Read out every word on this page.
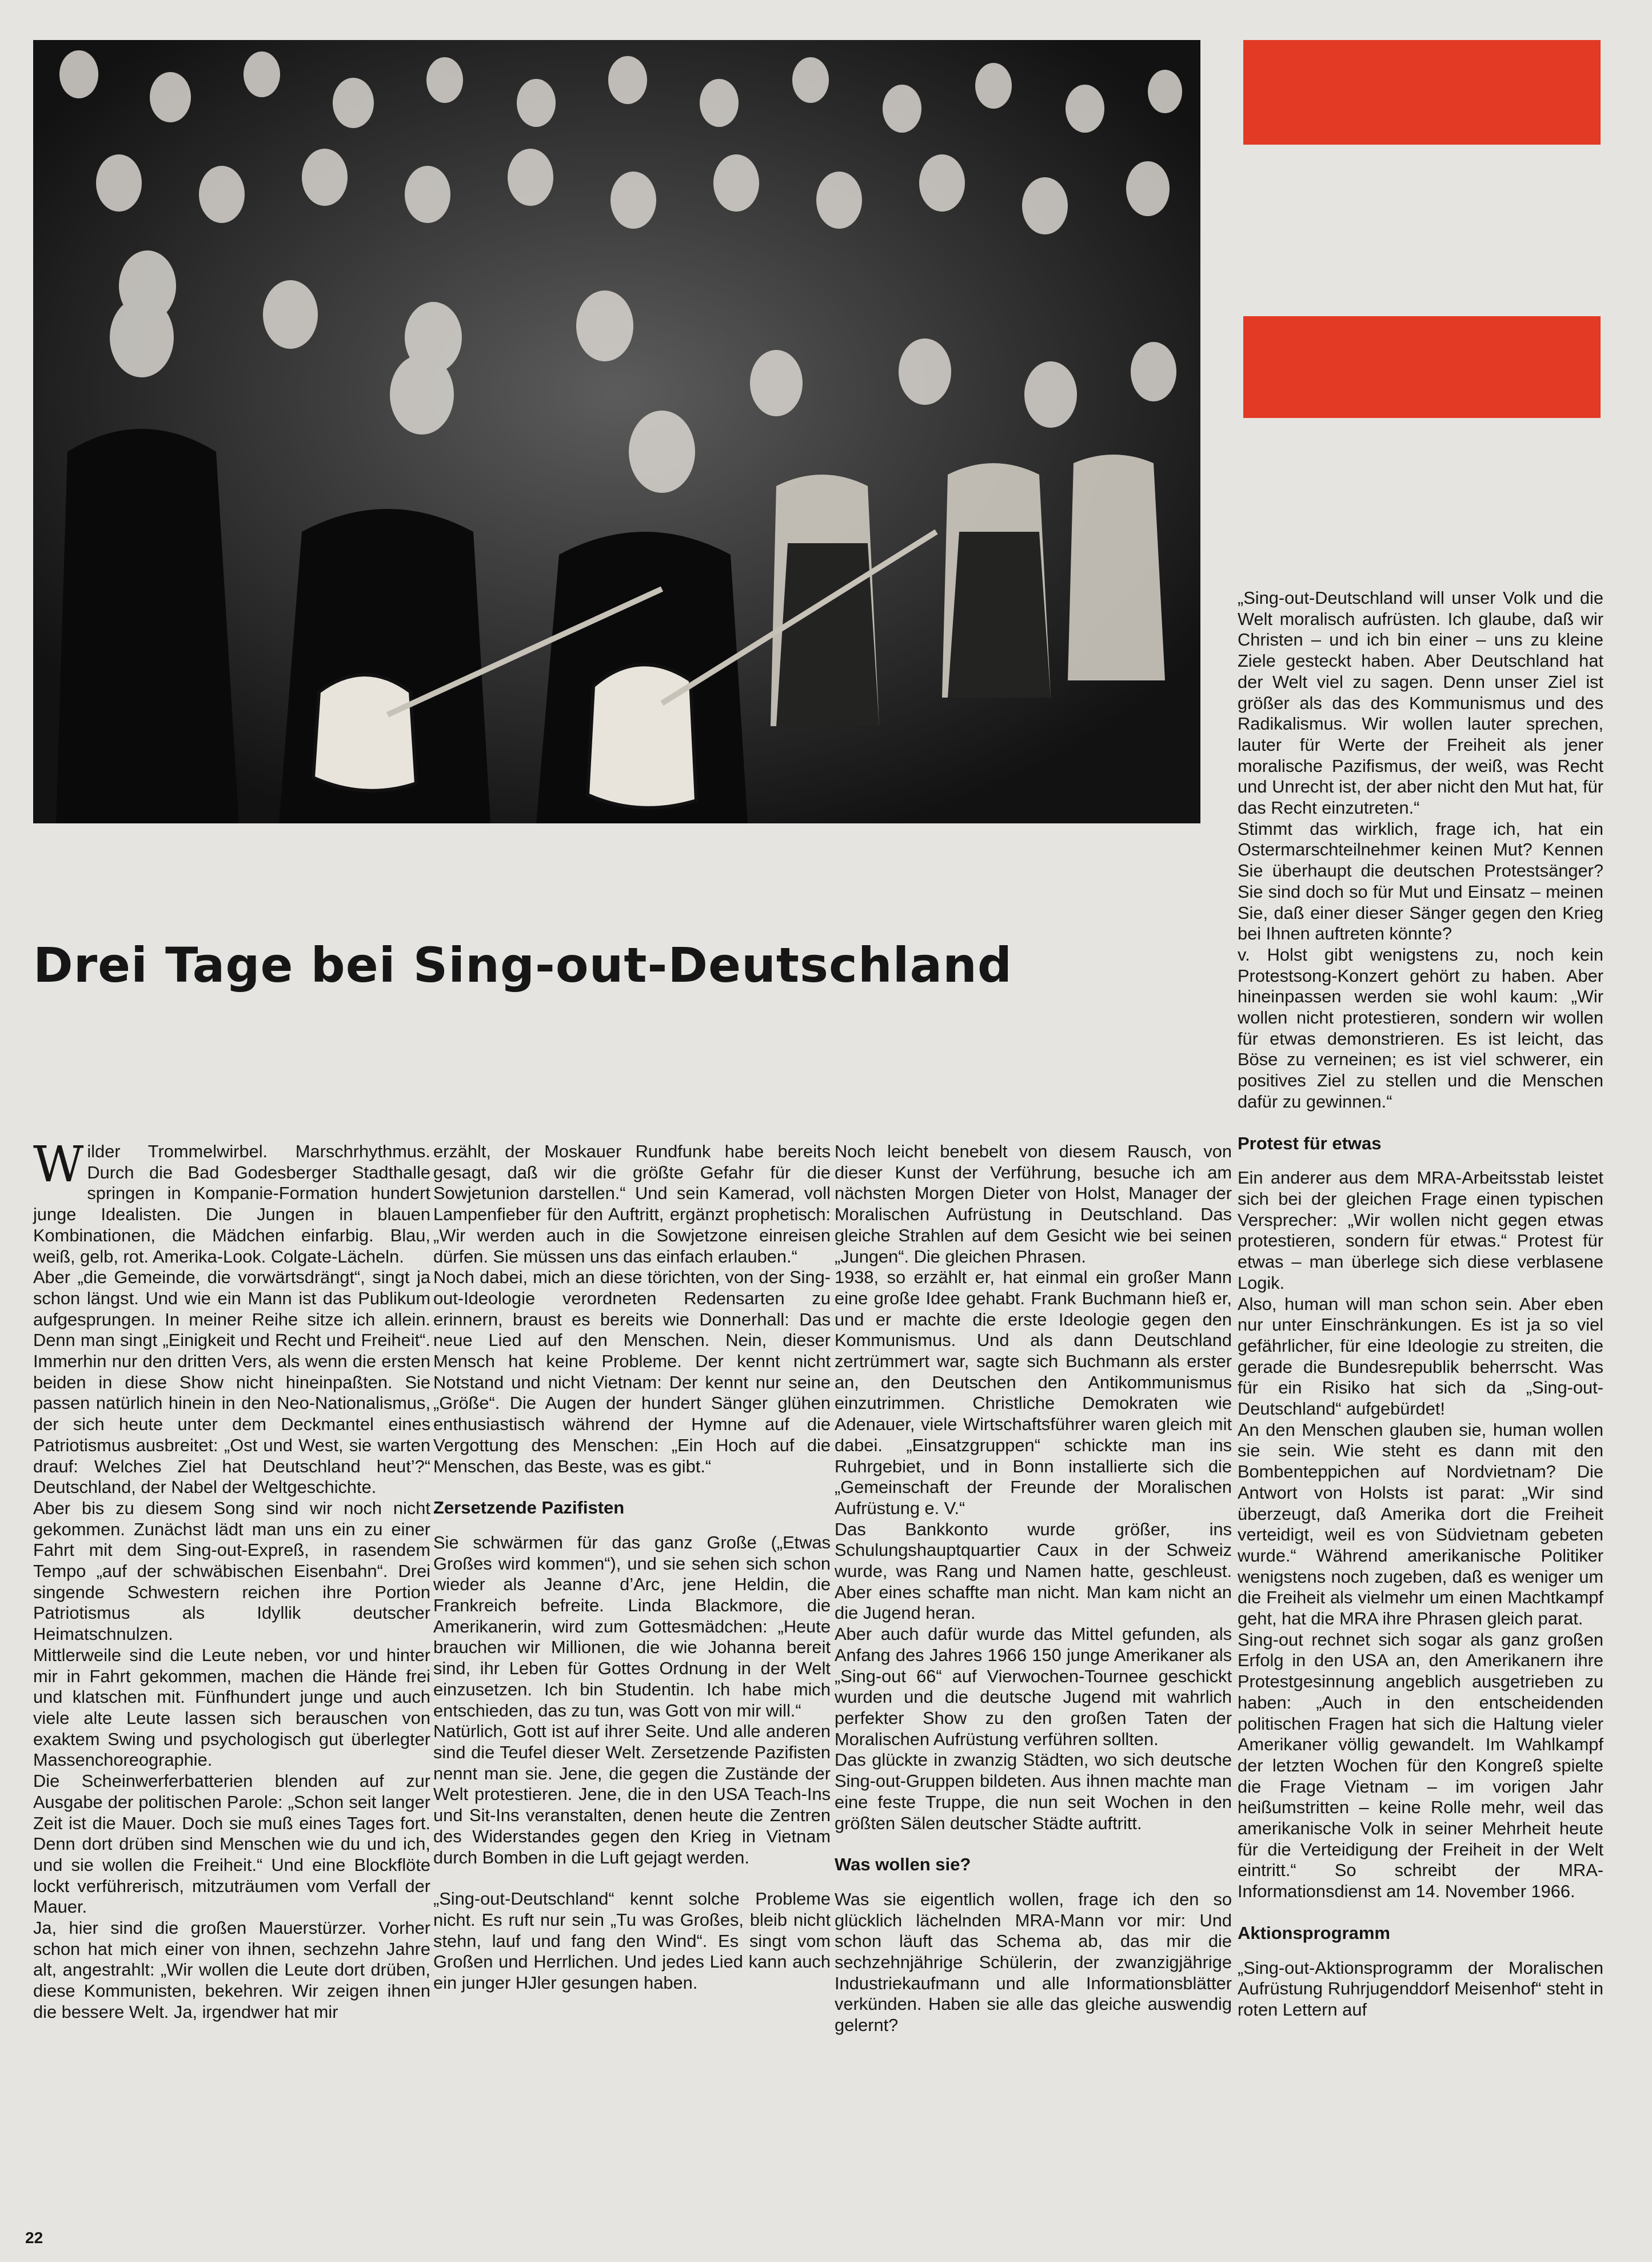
Drei Tage bei Sing-out-Deutschland

Wilder Trommelwirbel. Marschrhythmus. Durch die Bad Godesberger Stadthalle springen in Kompanie-Formation hundert junge Idealisten. Die Jungen in blauen Kombinationen, die Mädchen einfarbig. Blau, weiß, gelb, rot. Amerika-Look. Colgate-Lächeln.

Aber „die Gemeinde, die vorwärtsdrängt“, singt ja schon längst. Und wie ein Mann ist das Publikum aufgesprungen. In meiner Reihe sitze ich allein. Denn man singt „Einigkeit und Recht und Freiheit“. Immerhin nur den dritten Vers, als wenn die ersten beiden in diese Show nicht hineinpaßten. Sie passen natürlich hinein in den Neo-Nationalismus, der sich heute unter dem Deckmantel eines Patriotismus ausbreitet: „Ost und West, sie warten drauf: Welches Ziel hat Deutschland heut’?“ Deutschland, der Nabel der Weltgeschichte.

Aber bis zu diesem Song sind wir noch nicht gekommen. Zunächst lädt man uns ein zu einer Fahrt mit dem Sing-out-Expreß, in rasendem Tempo „auf der schwäbischen Eisenbahn“. Drei singende Schwestern reichen ihre Portion Patriotismus als Idyllik deutscher Heimatschnulzen.

Mittlerweile sind die Leute neben, vor und hinter mir in Fahrt gekommen, machen die Hände frei und klatschen mit. Fünfhundert junge und auch viele alte Leute lassen sich berauschen von exaktem Swing und psychologisch gut überlegter Massenchoreographie.

Die Scheinwerferbatterien blenden auf zur Ausgabe der politischen Parole: „Schon seit langer Zeit ist die Mauer. Doch sie muß eines Tages fort. Denn dort drüben sind Menschen wie du und ich, und sie wollen die Freiheit.“ Und eine Blockflöte lockt verführerisch, mitzuträumen vom Verfall der Mauer.

Ja, hier sind die großen Mauerstürzer. Vorher schon hat mich einer von ihnen, sechzehn Jahre alt, angestrahlt: „Wir wollen die Leute dort drüben, diese Kommunisten, bekehren. Wir zeigen ihnen die bessere Welt. Ja, irgendwer hat mir

erzählt, der Moskauer Rundfunk habe bereits gesagt, daß wir die größte Gefahr für die Sowjetunion darstellen.“ Und sein Kamerad, voll Lampenfieber für den Auftritt, ergänzt prophetisch: „Wir werden auch in die Sowjetzone einreisen dürfen. Sie müssen uns das einfach erlauben.“

Noch dabei, mich an diese törichten, von der Sing-out-Ideologie verordneten Redensarten zu erinnern, braust es bereits wie Donnerhall: Das neue Lied auf den Menschen. Nein, dieser Mensch hat keine Probleme. Der kennt nicht Notstand und nicht Vietnam: Der kennt nur seine „Größe“. Die Augen der hundert Sänger glühen enthusiastisch während der Hymne auf die Vergottung des Menschen: „Ein Hoch auf die Menschen, das Beste, was es gibt.“

Zersetzende Pazifisten

Sie schwärmen für das ganz Große („Etwas Großes wird kommen“), und sie sehen sich schon wieder als Jeanne d’Arc, jene Heldin, die Frankreich befreite. Linda Blackmore, die Amerikanerin, wird zum Gottesmädchen: „Heute brauchen wir Millionen, die wie Johanna bereit sind, ihr Leben für Gottes Ordnung in der Welt einzusetzen. Ich bin Studentin. Ich habe mich entschieden, das zu tun, was Gott von mir will.“

Natürlich, Gott ist auf ihrer Seite. Und alle anderen sind die Teufel dieser Welt. Zersetzende Pazifisten nennt man sie. Jene, die gegen die Zustände der Welt protestieren. Jene, die in den USA Teach-Ins und Sit-Ins veranstalten, denen heute die Zentren des Widerstandes gegen den Krieg in Vietnam durch Bomben in die Luft gejagt werden.

„Sing-out-Deutschland“ kennt solche Probleme nicht. Es ruft nur sein „Tu was Großes, bleib nicht stehn, lauf und fang den Wind“. Es singt vom Großen und Herrlichen. Und jedes Lied kann auch ein junger HJler gesungen haben.

Noch leicht benebelt von diesem Rausch, von dieser Kunst der Verführung, besuche ich am nächsten Morgen Dieter von Holst, Manager der Moralischen Aufrüstung in Deutschland. Das gleiche Strahlen auf dem Gesicht wie bei seinen „Jungen“. Die gleichen Phrasen.

1938, so erzählt er, hat einmal ein großer Mann eine große Idee gehabt. Frank Buchmann hieß er, und er machte die erste Ideologie gegen den Kommunismus. Und als dann Deutschland zertrümmert war, sagte sich Buchmann als erster an, den Deutschen den Antikommunismus einzutrimmen. Christliche Demokraten wie Adenauer, viele Wirtschaftsführer waren gleich mit dabei. „Einsatzgruppen“ schickte man ins Ruhrgebiet, und in Bonn installierte sich die „Gemeinschaft der Freunde der Moralischen Aufrüstung e. V.“

Das Bankkonto wurde größer, ins Schulungshauptquartier Caux in der Schweiz wurde, was Rang und Namen hatte, geschleust. Aber eines schaffte man nicht. Man kam nicht an die Jugend heran.

Aber auch dafür wurde das Mittel gefunden, als Anfang des Jahres 1966 150 junge Amerikaner als „Sing-out 66“ auf Vierwochen-Tournee geschickt wurden und die deutsche Jugend mit wahrlich perfekter Show zu den großen Taten der Moralischen Aufrüstung verführen sollten.

Das glückte in zwanzig Städten, wo sich deutsche Sing-out-Gruppen bildeten. Aus ihnen machte man eine feste Truppe, die nun seit Wochen in den größten Sälen deutscher Städte auftritt.

Was wollen sie?

Was sie eigentlich wollen, frage ich den so glücklich lächelnden MRA-Mann vor mir: Und schon läuft das Schema ab, das mir die sechzehnjährige Schülerin, der zwanzigjährige Industriekaufmann und alle Informationsblätter verkünden. Haben sie alle das gleiche auswendig gelernt?

„Sing-out-Deutschland will unser Volk und die Welt moralisch aufrüsten. Ich glaube, daß wir Christen – und ich bin einer – uns zu kleine Ziele gesteckt haben. Aber Deutschland hat der Welt viel zu sagen. Denn unser Ziel ist größer als das des Kommunismus und des Radikalismus. Wir wollen lauter sprechen, lauter für Werte der Freiheit als jener moralische Pazifismus, der weiß, was Recht und Unrecht ist, der aber nicht den Mut hat, für das Recht einzutreten.“

Stimmt das wirklich, frage ich, hat ein Ostermarschteilnehmer keinen Mut? Kennen Sie überhaupt die deutschen Protestsänger? Sie sind doch so für Mut und Einsatz – meinen Sie, daß einer dieser Sänger gegen den Krieg bei Ihnen auftreten könnte?

v. Holst gibt wenigstens zu, noch kein Protestsong-Konzert gehört zu haben. Aber hineinpassen werden sie wohl kaum: „Wir wollen nicht protestieren, sondern wir wollen für etwas demonstrieren. Es ist leicht, das Böse zu verneinen; es ist viel schwerer, ein positives Ziel zu stellen und die Menschen dafür zu gewinnen.“

Protest für etwas

Ein anderer aus dem MRA-Arbeitsstab leistet sich bei der gleichen Frage einen typischen Versprecher: „Wir wollen nicht gegen etwas protestieren, sondern für etwas.“ Protest für etwas – man überlege sich diese verblasene Logik.

Also, human will man schon sein. Aber eben nur unter Einschränkungen. Es ist ja so viel gefährlicher, für eine Ideologie zu streiten, die gerade die Bundesrepublik beherrscht. Was für ein Risiko hat sich da „Sing-out-Deutschland“ aufgebürdet!

An den Menschen glauben sie, human wollen sie sein. Wie steht es dann mit den Bombenteppichen auf Nordvietnam? Die Antwort von Holsts ist parat: „Wir sind überzeugt, daß Amerika dort die Freiheit verteidigt, weil es von Südvietnam gebeten wurde.“ Während amerikanische Politiker wenigstens noch zugeben, daß es weniger um die Freiheit als vielmehr um einen Machtkampf geht, hat die MRA ihre Phrasen gleich parat.

Sing-out rechnet sich sogar als ganz großen Erfolg in den USA an, den Amerikanern ihre Protestgesinnung angeblich ausgetrieben zu haben: „Auch in den entscheidenden politischen Fragen hat sich die Haltung vieler Amerikaner völlig gewandelt. Im Wahlkampf der letzten Wochen für den Kongreß spielte die Frage Vietnam – im vorigen Jahr heißumstritten – keine Rolle mehr, weil das amerikanische Volk in seiner Mehrheit heute für die Verteidigung der Freiheit in der Welt eintritt.“ So schreibt der MRA-Informationsdienst am 14. November 1966.

Aktionsprogramm

„Sing-out-Aktionsprogramm der Moralischen Aufrüstung Ruhrjugenddorf Meisenhof“ steht in roten Lettern auf

22
